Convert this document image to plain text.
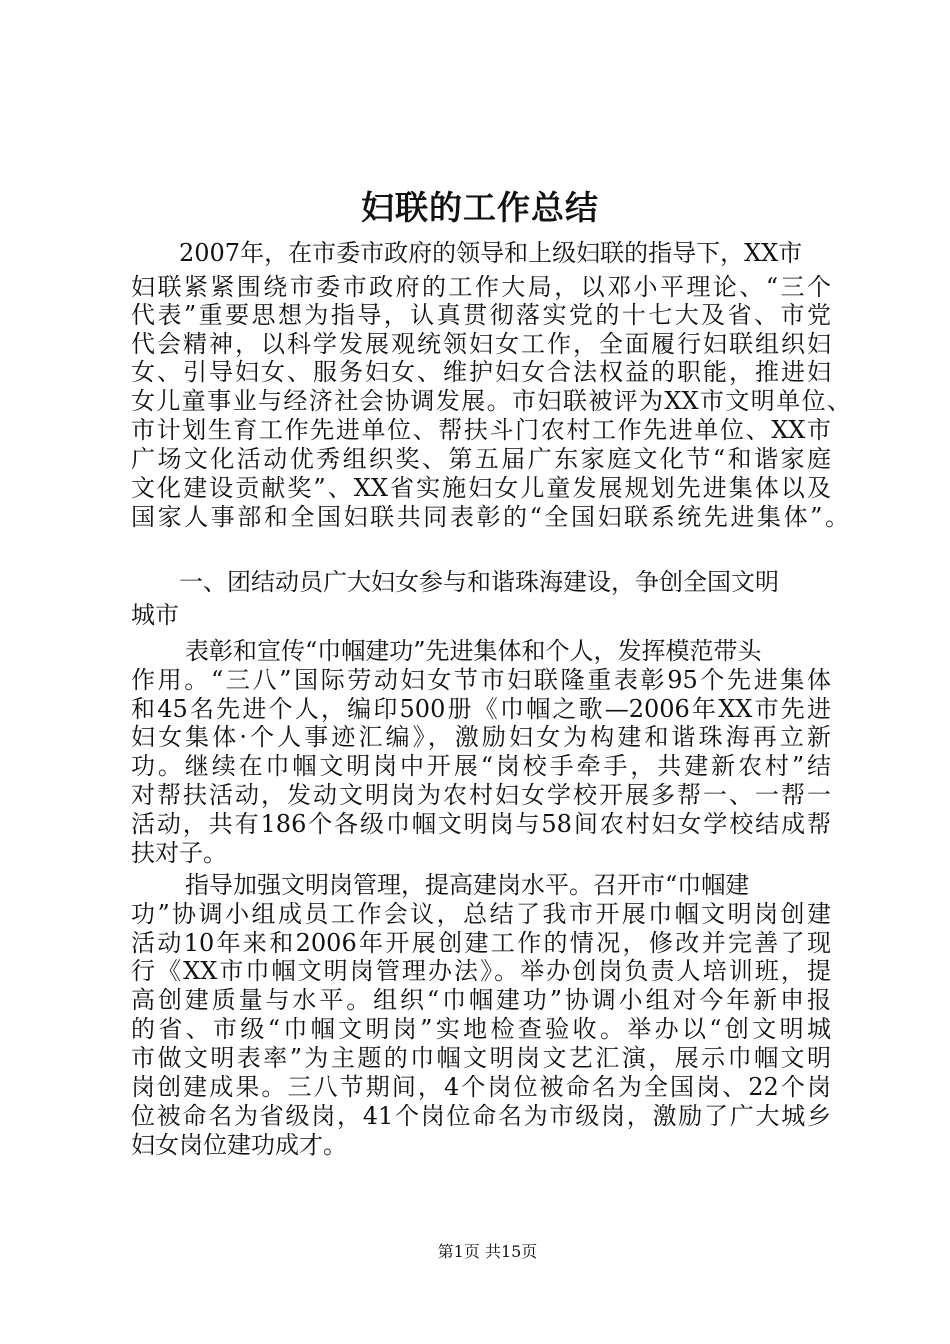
妇联的工作总结
2007年，在市委市政府的领导和上级妇联的指导下，XX市
妇联紧紧围绕市委市政府的工作大局，以邓小平理论、“三个
代表”重要思想为指导，认真贯彻落实党的十七大及省、市党
代会精神，以科学发展观统领妇女工作，全面履行妇联组织妇
女、引导妇女、服务妇女、维护妇女合法权益的职能，推进妇
女儿童事业与经济社会协调发展。市妇联被评为XX市文明单位、
市计划生育工作先进单位、帮扶斗门农村工作先进单位、XX市
广场文化活动优秀组织奖、第五届广东家庭文化节“和谐家庭
文化建设贡献奖”、XX省实施妇女儿童发展规划先进集体以及
国家人事部和全国妇联共同表彰的“全国妇联系统先进集体”。
一、团结动员广大妇女参与和谐珠海建设，争创全国文明
城市
表彰和宣传“巾帼建功”先进集体和个人，发挥模范带头
作用。“三八”国际劳动妇女节市妇联隆重表彰95个先进集体
和45名先进个人，编印500册《巾帼之歌—2006年XX市先进
妇女集体·个人事迹汇编》，激励妇女为构建和谐珠海再立新
功。继续在巾帼文明岗中开展“岗校手牵手，共建新农村”结
对帮扶活动，发动文明岗为农村妇女学校开展多帮一、一帮一
活动，共有186个各级巾帼文明岗与58间农村妇女学校结成帮
扶对子。
指导加强文明岗管理，提高建岗水平。召开市“巾帼建
功”协调小组成员工作会议，总结了我市开展巾帼文明岗创建
活动10年来和2006年开展创建工作的情况，修改并完善了现
行《XX市巾帼文明岗管理办法》。举办创岗负责人培训班，提
高创建质量与水平。组织“巾帼建功”协调小组对今年新申报
的省、市级“巾帼文明岗”实地检查验收。举办以“创文明城
市做文明表率”为主题的巾帼文明岗文艺汇演，展示巾帼文明
岗创建成果。三八节期间，4个岗位被命名为全国岗、22个岗
位被命名为省级岗，41个岗位命名为市级岗，激励了广大城乡
妇女岗位建功成才。
第1页 共15页
